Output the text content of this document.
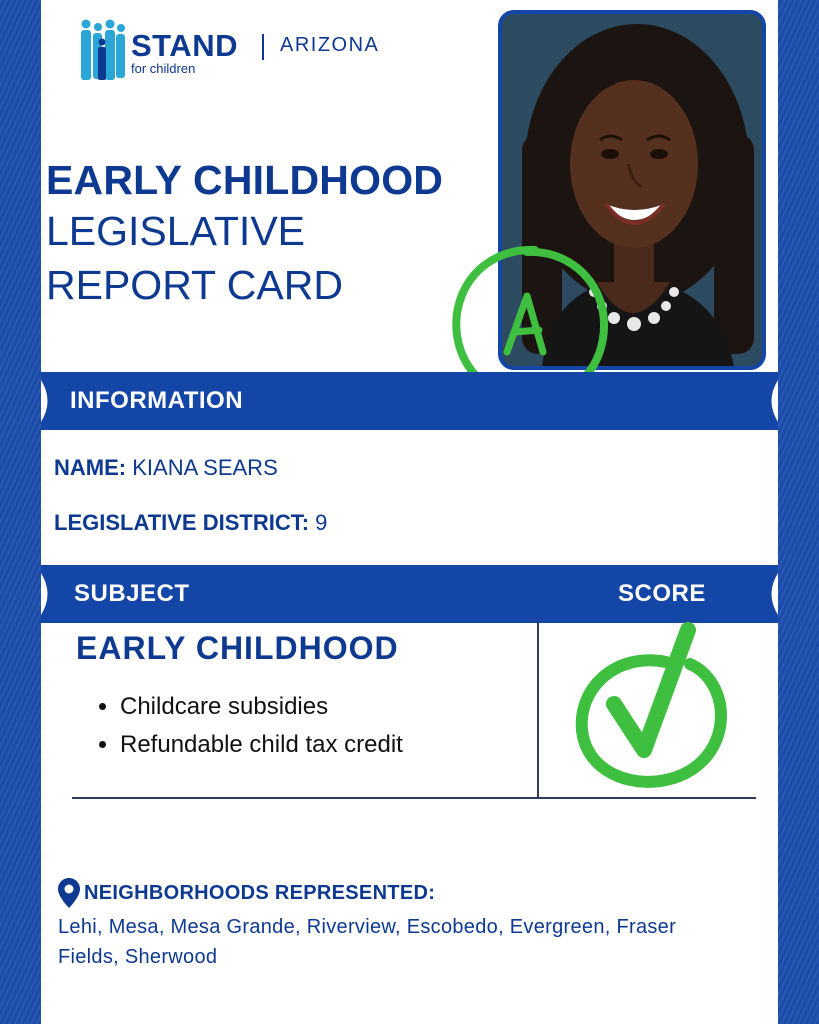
STAND
for children
ARIZONA
EARLY CHILDHOOD
LEGISLATIVE
REPORT CARD
INFORMATION
NAME: KIANA SEARS
LEGISLATIVE DISTRICT: 9
SUBJECT	SCORE
EARLY CHILDHOOD
• Childcare subsidies
• Refundable child tax credit
NEIGHBORHOODS REPRESENTED:
Lehi, Mesa, Mesa Grande, Riverview, Escobedo, Evergreen, Fraser Fields, Sherwood
